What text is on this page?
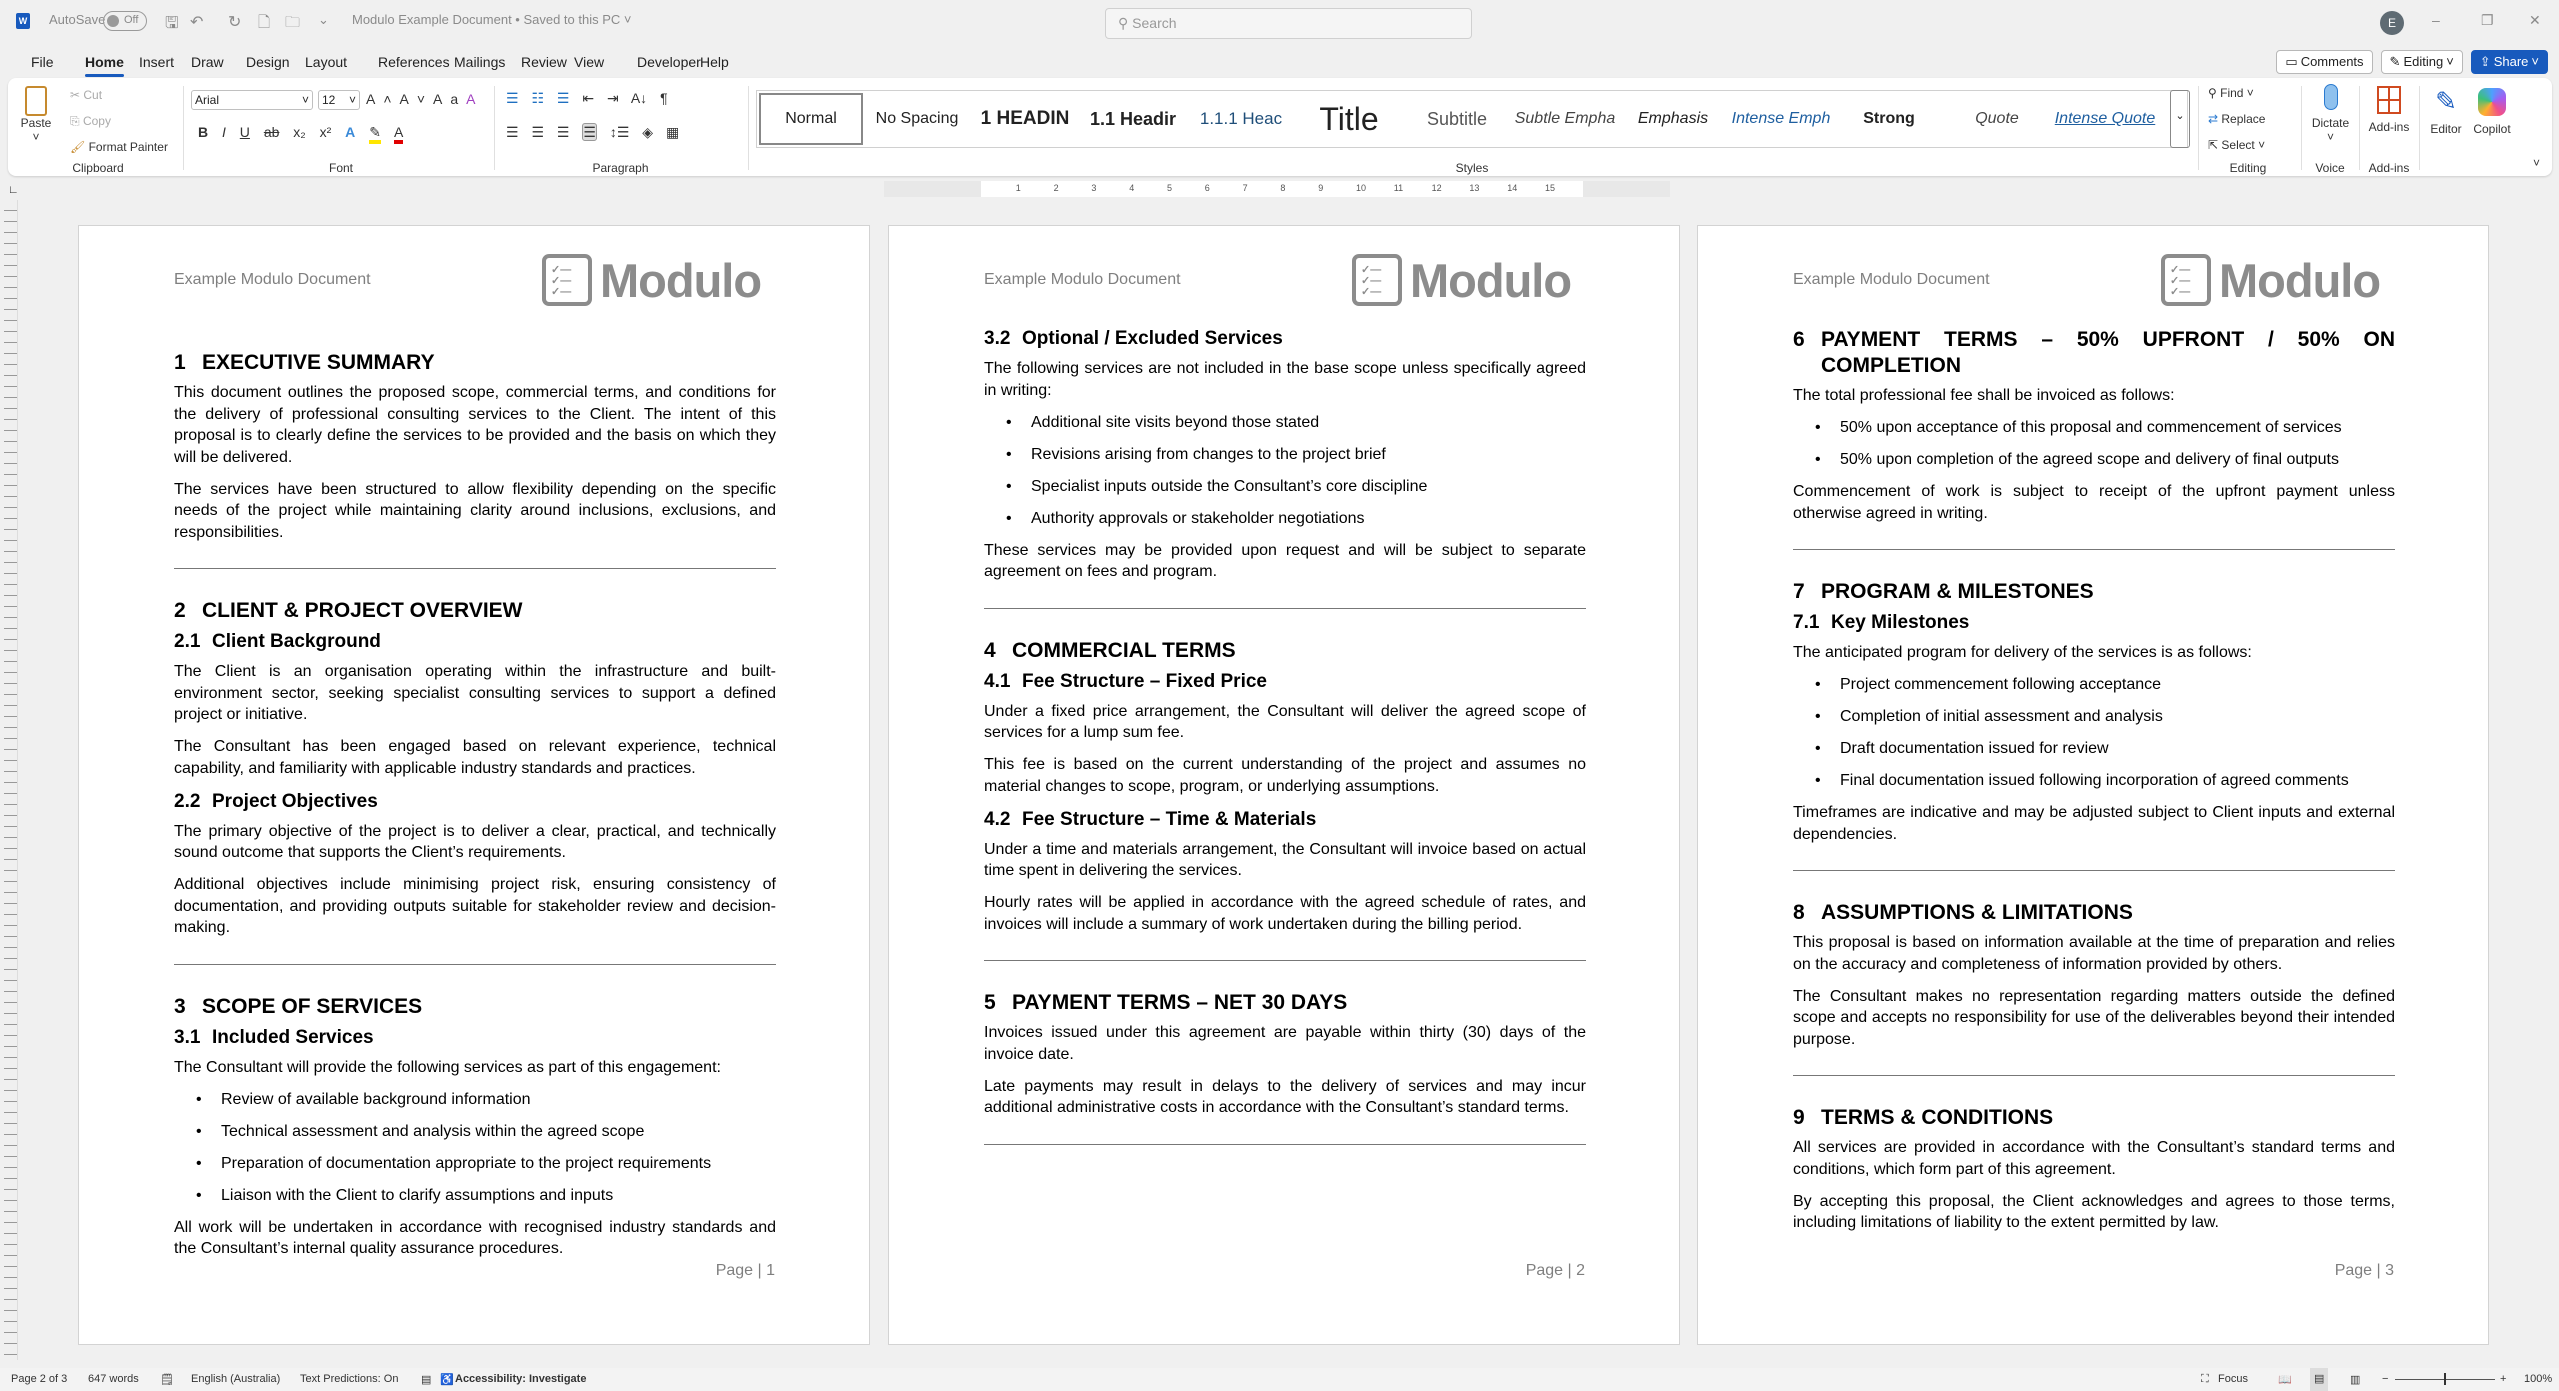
W AutoSave	Off	🖫 ↶ ↻ 🗋 🗀 ⌄ Modulo Example Document • Saved to this PC ˅	⚲ Search	E	–	❐	✕
File Home Insert Draw Design Layout References Mailings Review View Developer Help	▭ Comments ✎ Editing ˅ ⇪ Share ˅
Paste
˅
✂ Cut
⎘ Copy
🖌 Format Painter
Clipboard
Arial	˅	12 ˅ A˄A˅AaA
B I U ab x₂ x² A ✎ A
Font
☰ ☷ ☰ ⇤ ⇥ A↓ ¶
☰ ☰ ☰ ☰ ↕☰ ◈ ▦
Paragraph
Normal	No Spacing	1 HEADIN	1.1 Headir	1.1.1 Heac	Title	Subtitle	Subtle Empha	Emphasis	Intense Emph	Strong	Quote	Intense Quote	⌄
Styles
⚲ Find ˅
⇄ Replace
⇱ Select ˅
Editing
Dictate
˅
Voice
Add-ins
Add-ins
✎
Editor Copilot
˅
∟	1	2	3	4	5	6	7	8	9	10	11	12	13	14	15
Example Modulo Document
✓—
✓—
✓— Modulo
1 EXECUTIVE SUMMARY
This document outlines the proposed scope, commercial terms, and conditions for the delivery of professional consulting services to the Client. The intent of this proposal is to clearly define the services to be provided and the basis on which they will be delivered.
The services have been structured to allow flexibility depending on the specific needs of the project while maintaining clarity around inclusions, exclusions, and responsibilities.
2 CLIENT & PROJECT OVERVIEW
2.1 Client Background
The Client is an organisation operating within the infrastructure and built-environment sector, seeking specialist consulting services to support a defined project or initiative.
The Consultant has been engaged based on relevant experience, technical capability, and familiarity with applicable industry standards and practices.
2.2 Project Objectives
The primary objective of the project is to deliver a clear, practical, and technically sound outcome that supports the Client’s requirements.
Additional objectives include minimising project risk, ensuring consistency of documentation, and providing outputs suitable for stakeholder review and decision-making.
3 SCOPE OF SERVICES
3.1 Included Services
The Consultant will provide the following services as part of this engagement:
• Review of available background information
• Technical assessment and analysis within the agreed scope
• Preparation of documentation appropriate to the project requirements
• Liaison with the Client to clarify assumptions and inputs
All work will be undertaken in accordance with recognised industry standards and the Consultant’s internal quality assurance procedures.
Page | 1
Example Modulo Document
✓—
✓—
✓— Modulo
3.2 Optional / Excluded Services
The following services are not included in the base scope unless specifically agreed in writing:
• Additional site visits beyond those stated
• Revisions arising from changes to the project brief
• Specialist inputs outside the Consultant’s core discipline
• Authority approvals or stakeholder negotiations
These services may be provided upon request and will be subject to separate agreement on fees and program.
4 COMMERCIAL TERMS
4.1 Fee Structure – Fixed Price
Under a fixed price arrangement, the Consultant will deliver the agreed scope of services for a lump sum fee.
This fee is based on the current understanding of the project and assumes no material changes to scope, program, or underlying assumptions.
4.2 Fee Structure – Time & Materials
Under a time and materials arrangement, the Consultant will invoice based on actual time spent in delivering the services.
Hourly rates will be applied in accordance with the agreed schedule of rates, and invoices will include a summary of work undertaken during the billing period.
5 PAYMENT TERMS – NET 30 DAYS
Invoices issued under this agreement are payable within thirty (30) days of the invoice date.
Late payments may result in delays to the delivery of services and may incur additional administrative costs in accordance with the Consultant’s standard terms.
Page | 2
Example Modulo Document
✓—
✓—
✓— Modulo
6 PAYMENT TERMS – 50% UPFRONT / 50% ON COMPLETION
The total professional fee shall be invoiced as follows:
• 50% upon acceptance of this proposal and commencement of services
• 50% upon completion of the agreed scope and delivery of final outputs
Commencement of work is subject to receipt of the upfront payment unless otherwise agreed in writing.
7 PROGRAM & MILESTONES
7.1 Key Milestones
The anticipated program for delivery of the services is as follows:
• Project commencement following acceptance
• Completion of initial assessment and analysis
• Draft documentation issued for review
• Final documentation issued following incorporation of agreed comments
Timeframes are indicative and may be adjusted subject to Client inputs and external dependencies.
8 ASSUMPTIONS & LIMITATIONS
This proposal is based on information available at the time of preparation and relies on the accuracy and completeness of information provided by others.
The Consultant makes no representation regarding matters outside the defined scope and accepts no responsibility for use of the deliverables beyond their intended purpose.
9 TERMS & CONDITIONS
All services are provided in accordance with the Consultant’s standard terms and conditions, which form part of this agreement.
By accepting this proposal, the Client acknowledges and agrees to those terms, including limitations of liability to the extent permitted by law.
Page | 3
Page 2 of 3 647 words 🗒 English (Australia) Text Predictions: On ▤ ♿ Accessibility: Investigate	⛶ Focus	📖	▤	▥ −	+ 100%
